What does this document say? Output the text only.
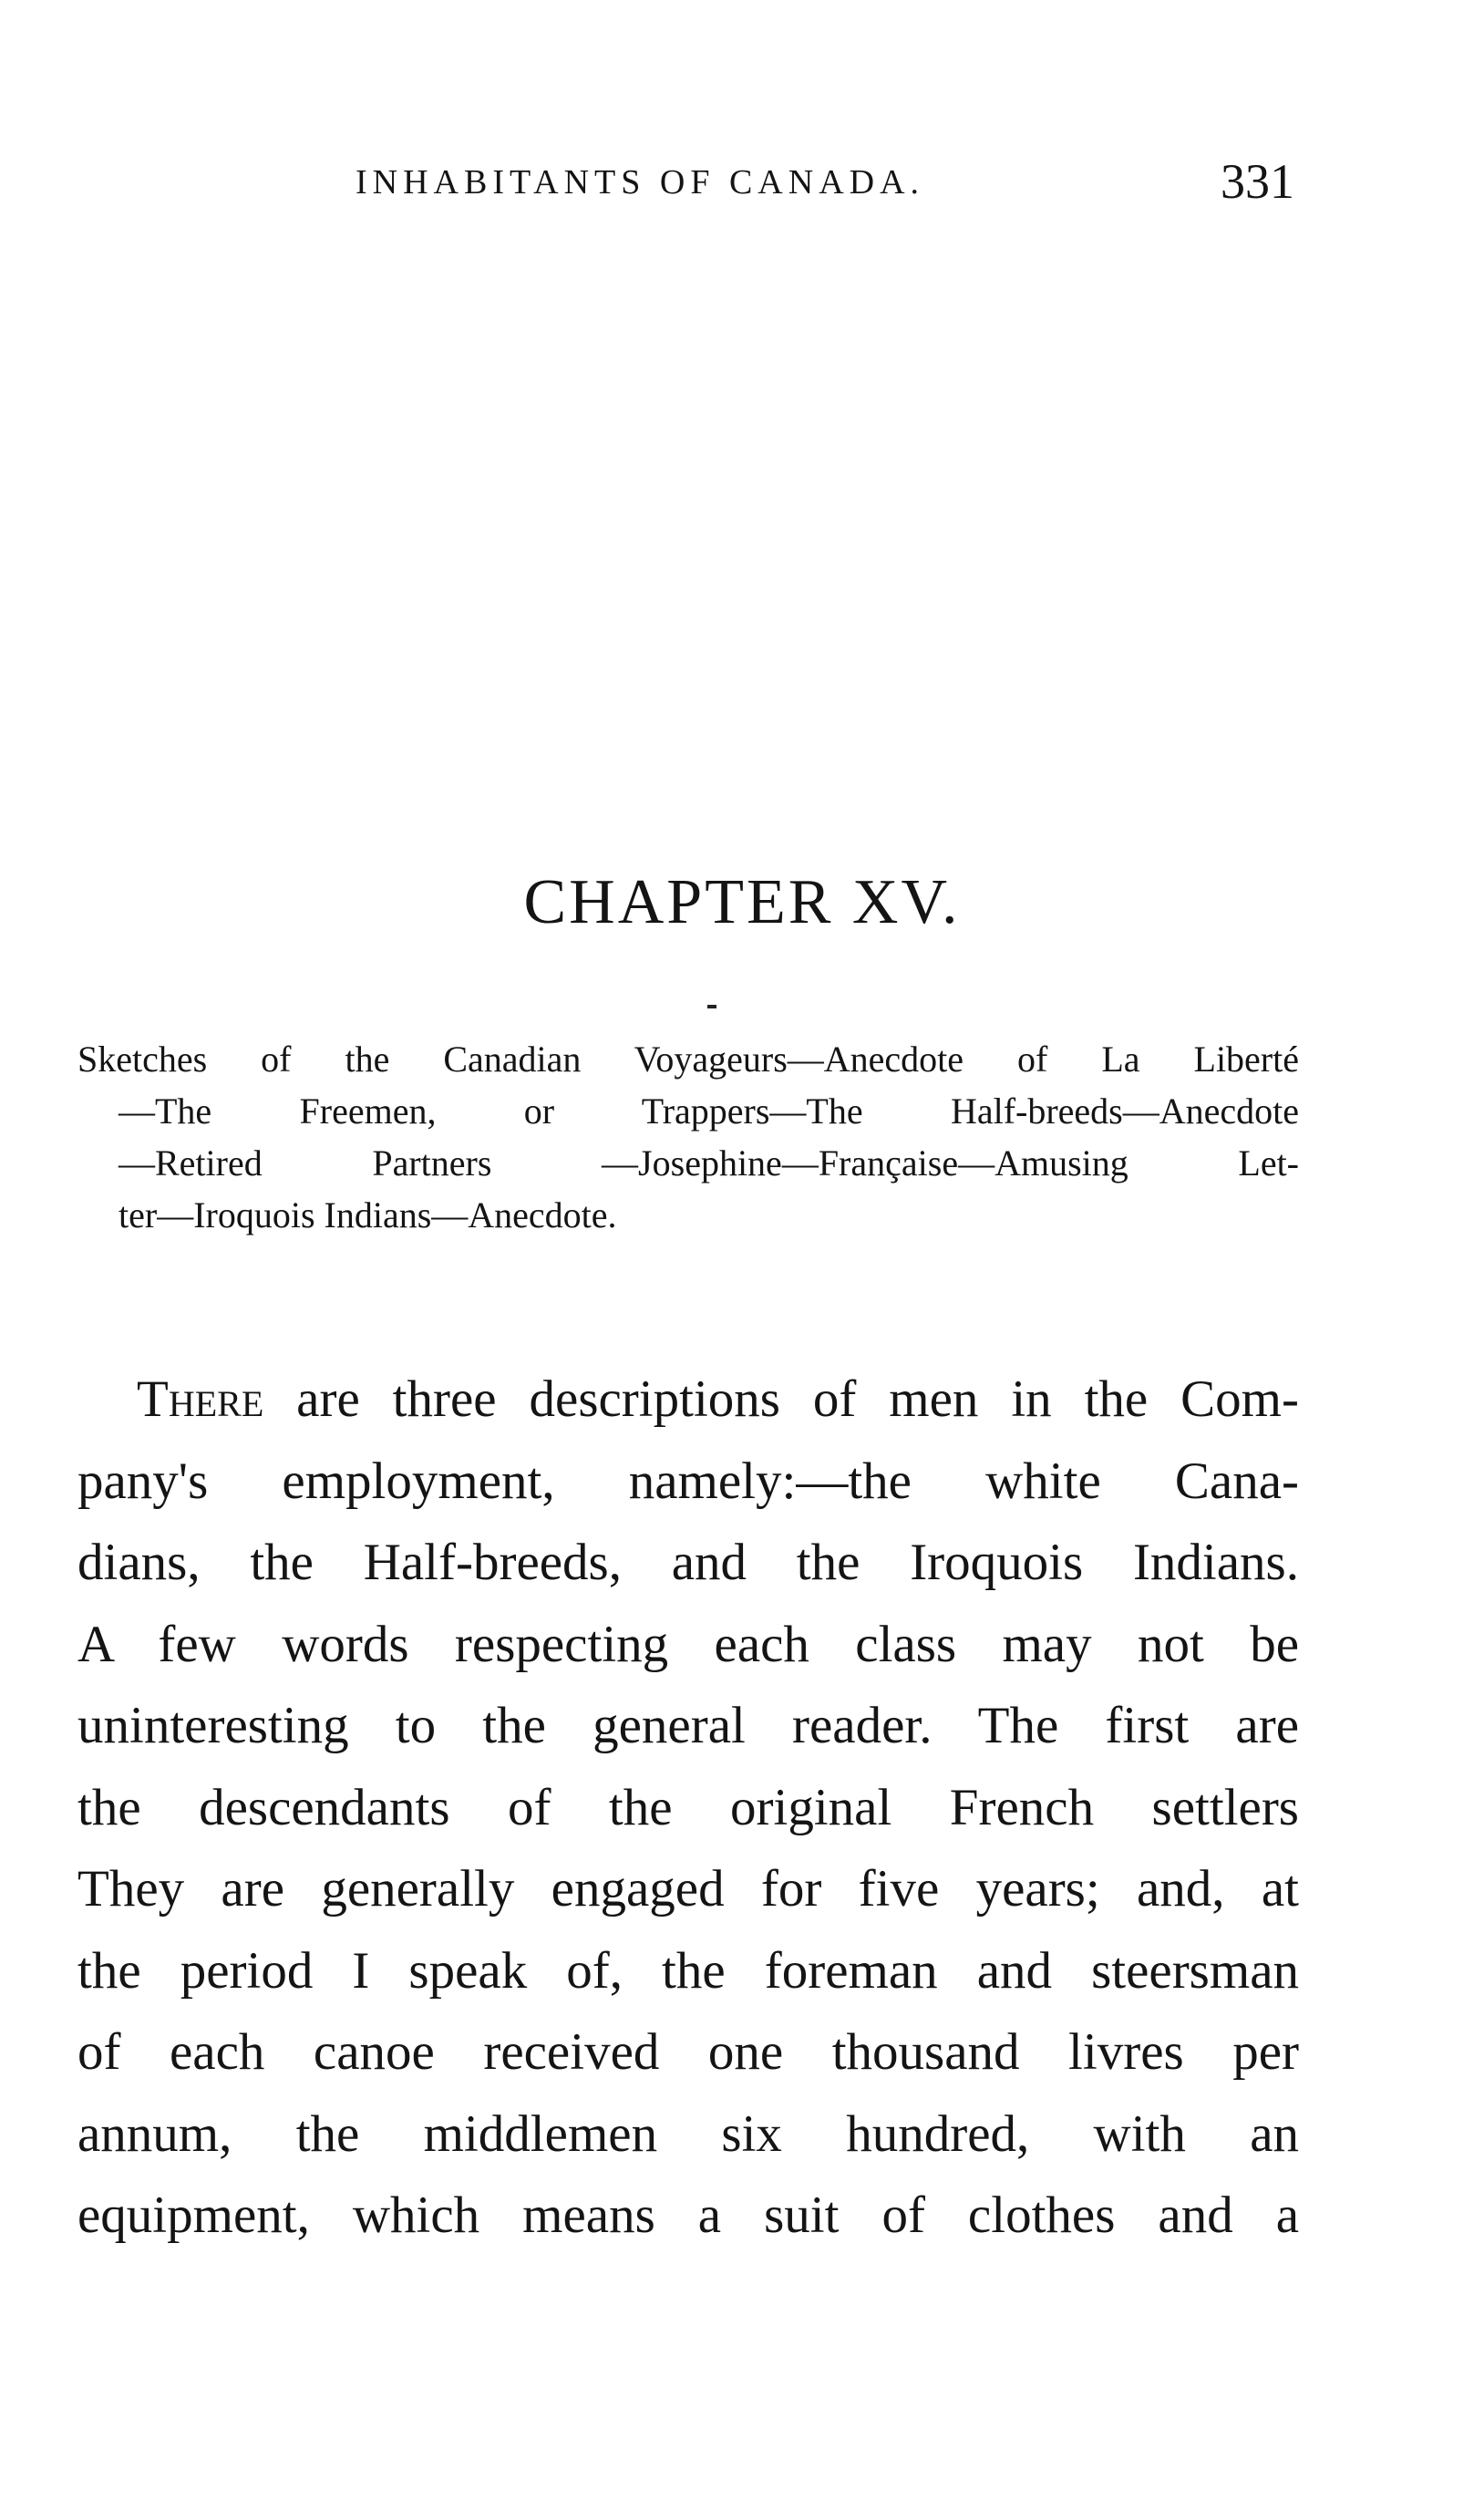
INHABITANTS OF CANADA.	331
CHAPTER XV.
Sketches of the Canadian Voyageurs—Anecdote of La Liberté
—The Freemen, or Trappers—The Half-breeds—Anecdote
—Retired Partners —Josephine—Française—Amusing Let-
ter—Iroquois Indians—Anecdote.
There are three descriptions of men in the Com-
pany's employment, namely:—the white Cana-
dians, the Half-breeds, and the Iroquois Indians.
A few words respecting each class may not be
uninteresting to the general reader. The first are
the descendants of the original French settlers
They are generally engaged for five years; and, at
the period I speak of, the foreman and steersman
of each canoe received one thousand livres per
annum, the middlemen six hundred, with an
equipment, which means a suit of clothes and a
